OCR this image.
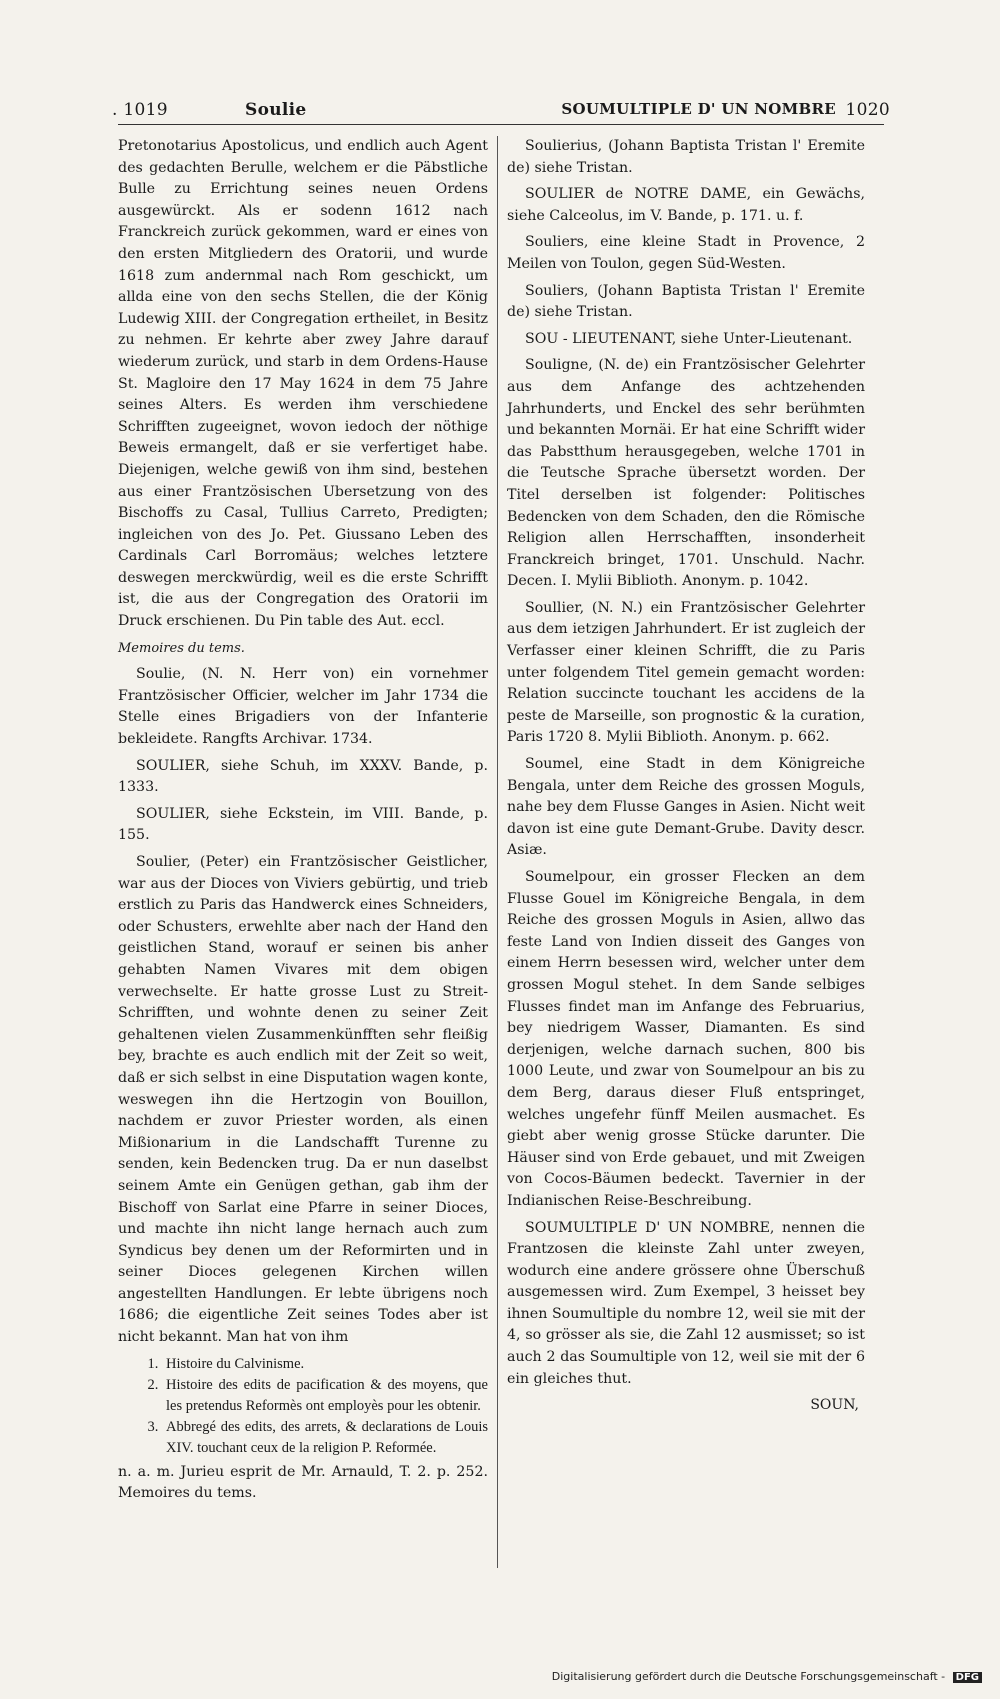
. 1019	Soulie	SOUMULTIPLE D' UN NOMBRE 1020

Pretonotarius Apostolicus, und endlich auch Agent des gedachten Berulle, welchem er die Päbstliche Bulle zu Errichtung seines neuen Ordens ausgewürckt. Als er sodenn 1612 nach Franckreich zurück gekommen, ward er eines von den ersten Mitgliedern des Oratorii, und wurde 1618 zum andernmal nach Rom geschickt, um allda eine von den sechs Stellen, die der König Ludewig XIII. der Congregation ertheilet, in Besitz zu nehmen. Er kehrte aber zwey Jahre darauf wiederum zurück, und starb in dem Ordens-Hause St. Magloire den 17 May 1624 in dem 75 Jahre seines Alters. Es werden ihm verschiedene Schrifften zugeeignet, wovon iedoch der nöthige Beweis ermangelt, daß er sie verfertiget habe. Diejenigen, welche gewiß von ihm sind, bestehen aus einer Frantzösischen Ubersetzung von des Bischoffs zu Casal, Tullius Carreto, Predigten; ingleichen von des Jo. Pet. Giussano Leben des Cardinals Carl Borromäus; welches letztere deswegen merckwürdig, weil es die erste Schrifft ist, die aus der Congregation des Oratorii im Druck erschienen. Du Pin table des Aut. eccl.

Memoires du tems.

Soulie, (N. N. Herr von) ein vornehmer Frantzösischer Officier, welcher im Jahr 1734 die Stelle eines Brigadiers von der Infanterie bekleidete. Rangfts Archivar. 1734.

SOULIER, siehe Schuh, im XXXV. Bande, p. 1333.

SOULIER, siehe Eckstein, im VIII. Bande, p. 155.

Soulier, (Peter) ein Frantzösischer Geistlicher, war aus der Dioces von Viviers gebürtig, und trieb erstlich zu Paris das Handwerck eines Schneiders, oder Schusters, erwehlte aber nach der Hand den geistlichen Stand, worauf er seinen bis anher gehabten Namen Vivares mit dem obigen verwechselte. Er hatte grosse Lust zu Streit-Schrifften, und wohnte denen zu seiner Zeit gehaltenen vielen Zusammenkünfften sehr fleißig bey, brachte es auch endlich mit der Zeit so weit, daß er sich selbst in eine Disputation wagen konte, weswegen ihn die Hertzogin von Bouillon, nachdem er zuvor Priester worden, als einen Mißionarium in die Landschafft Turenne zu senden, kein Bedencken trug. Da er nun daselbst seinem Amte ein Genügen gethan, gab ihm der Bischoff von Sarlat eine Pfarre in seiner Dioces, und machte ihn nicht lange hernach auch zum Syndicus bey denen um der Reformirten und in seiner Dioces gelegenen Kirchen willen angestellten Handlungen. Er lebte übrigens noch 1686; die eigentliche Zeit seines Todes aber ist nicht bekannt. Man hat von ihm

1. Histoire du Calvinisme.
2. Histoire des edits de pacification & des moyens, que les pretendus Reformès ont employès pour les obtenir.
3. Abbregé des edits, des arrets, & declarations de Louis XIV. touchant ceux de la religion P. Reformée.

n. a. m. Jurieu esprit de Mr. Arnauld, T. 2. p. 252. Memoires du tems.

Soulierius, (Johann Baptista Tristan l' Eremite de) siehe Tristan.

SOULIER de NOTRE DAME, ein Gewächs, siehe Calceolus, im V. Bande, p. 171. u. f.

Souliers, eine kleine Stadt in Provence, 2 Meilen von Toulon, gegen Süd-Westen.

Souliers, (Johann Baptista Tristan l' Eremite de) siehe Tristan.

SOU - LIEUTENANT, siehe Unter-Lieutenant.

Souligne, (N. de) ein Frantzösischer Gelehrter aus dem Anfange des achtzehenden Jahrhunderts, und Enckel des sehr berühmten und bekannten Mornäi. Er hat eine Schrifft wider das Pabstthum herausgegeben, welche 1701 in die Teutsche Sprache übersetzt worden. Der Titel derselben ist folgender: Politisches Bedencken von dem Schaden, den die Römische Religion allen Herrschafften, insonderheit Franckreich bringet, 1701. Unschuld. Nachr. Decen. I. Mylii Biblioth. Anonym. p. 1042.

Soullier, (N. N.) ein Frantzösischer Gelehrter aus dem ietzigen Jahrhundert. Er ist zugleich der Verfasser einer kleinen Schrifft, die zu Paris unter folgendem Titel gemein gemacht worden: Relation succincte touchant les accidens de la peste de Marseille, son prognostic & la curation, Paris 1720 8. Mylii Biblioth. Anonym. p. 662.

Soumel, eine Stadt in dem Königreiche Bengala, unter dem Reiche des grossen Moguls, nahe bey dem Flusse Ganges in Asien. Nicht weit davon ist eine gute Demant-Grube. Davity descr. Asiæ.

Soumelpour, ein grosser Flecken an dem Flusse Gouel im Königreiche Bengala, in dem Reiche des grossen Moguls in Asien, allwo das feste Land von Indien disseit des Ganges von einem Herrn besessen wird, welcher unter dem grossen Mogul stehet. In dem Sande selbiges Flusses findet man im Anfange des Februarius, bey niedrigem Wasser, Diamanten. Es sind derjenigen, welche darnach suchen, 800 bis 1000 Leute, und zwar von Soumelpour an bis zu dem Berg, daraus dieser Fluß entspringet, welches ungefehr fünff Meilen ausmachet. Es giebt aber wenig grosse Stücke darunter. Die Häuser sind von Erde gebauet, und mit Zweigen von Cocos-Bäumen bedeckt. Tavernier in der Indianischen Reise-Beschreibung.

SOUMULTIPLE D' UN NOMBRE, nennen die Frantzosen die kleinste Zahl unter zweyen, wodurch eine andere grössere ohne Überschuß ausgemessen wird. Zum Exempel, 3 heisset bey ihnen Soumultiple du nombre 12, weil sie mit der 4, so grösser als sie, die Zahl 12 ausmisset; so ist auch 2 das Soumultiple von 12, weil sie mit der 6 ein gleiches thut.

SOUN,
Digitalisierung gefördert durch die Deutsche Forschungsgemeinschaft - DFG
